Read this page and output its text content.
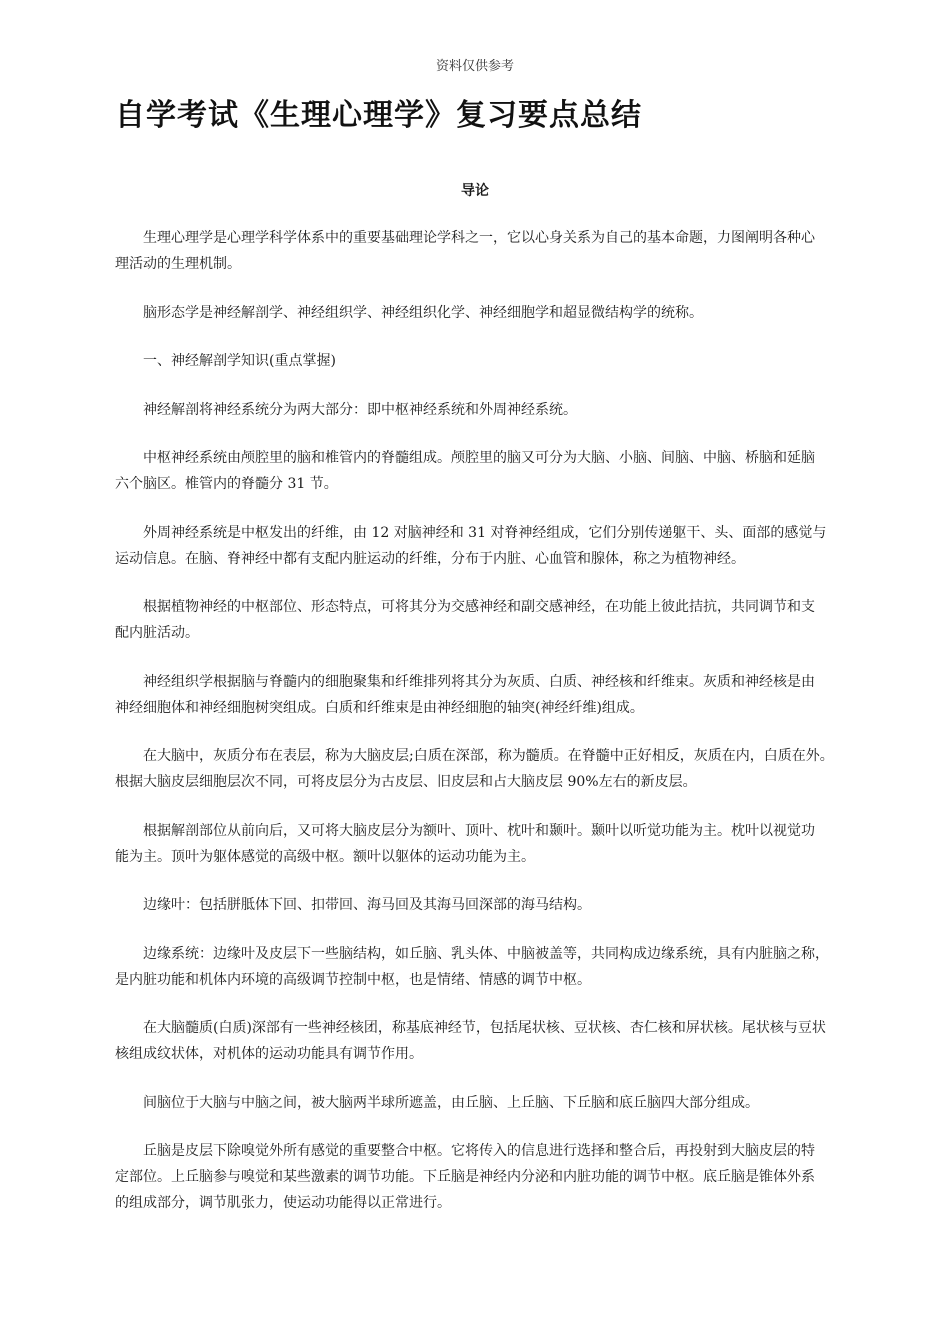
资料仅供参考
自学考试《生理心理学》复习要点总结
导论

生理心理学是心理学科学体系中的重要基础理论学科之一，它以心身关系为自己的基本命题，力图阐明各种心
理活动的生理机制。

脑形态学是神经解剖学、神经组织学、神经组织化学、神经细胞学和超显微结构学的统称。

一、神经解剖学知识(重点掌握)

神经解剖将神经系统分为两大部分：即中枢神经系统和外周神经系统。

中枢神经系统由颅腔里的脑和椎管内的脊髓组成。颅腔里的脑又可分为大脑、小脑、间脑、中脑、桥脑和延脑
六个脑区。椎管内的脊髓分 31 节。

外周神经系统是中枢发出的纤维，由 12 对脑神经和 31 对脊神经组成，它们分别传递躯干、头、面部的感觉与
运动信息。在脑、脊神经中都有支配内脏运动的纤维，分布于内脏、心血管和腺体，称之为植物神经。

根据植物神经的中枢部位、形态特点，可将其分为交感神经和副交感神经，在功能上彼此拮抗，共同调节和支
配内脏活动。

神经组织学根据脑与脊髓内的细胞聚集和纤维排列将其分为灰质、白质、神经核和纤维束。灰质和神经核是由
神经细胞体和神经细胞树突组成。白质和纤维束是由神经细胞的轴突(神经纤维)组成。

在大脑中，灰质分布在表层，称为大脑皮层;白质在深部，称为髓质。在脊髓中正好相反，灰质在内，白质在外。
根据大脑皮层细胞层次不同，可将皮层分为古皮层、旧皮层和占大脑皮层 90%左右的新皮层。

根据解剖部位从前向后，又可将大脑皮层分为额叶、顶叶、枕叶和颞叶。颞叶以听觉功能为主。枕叶以视觉功
能为主。顶叶为躯体感觉的高级中枢。额叶以躯体的运动功能为主。

边缘叶：包括胼胝体下回、扣带回、海马回及其海马回深部的海马结构。

边缘系统：边缘叶及皮层下一些脑结构，如丘脑、乳头体、中脑被盖等，共同构成边缘系统，具有内脏脑之称，
是内脏功能和机体内环境的高级调节控制中枢，也是情绪、情感的调节中枢。

在大脑髓质(白质)深部有一些神经核团，称基底神经节，包括尾状核、豆状核、杏仁核和屏状核。尾状核与豆状
核组成纹状体，对机体的运动功能具有调节作用。

间脑位于大脑与中脑之间，被大脑两半球所遮盖，由丘脑、上丘脑、下丘脑和底丘脑四大部分组成。

丘脑是皮层下除嗅觉外所有感觉的重要整合中枢。它将传入的信息进行选择和整合后，再投射到大脑皮层的特
定部位。上丘脑参与嗅觉和某些激素的调节功能。下丘脑是神经内分泌和内脏功能的调节中枢。底丘脑是锥体外系
的组成部分，调节肌张力，使运动功能得以正常进行。
